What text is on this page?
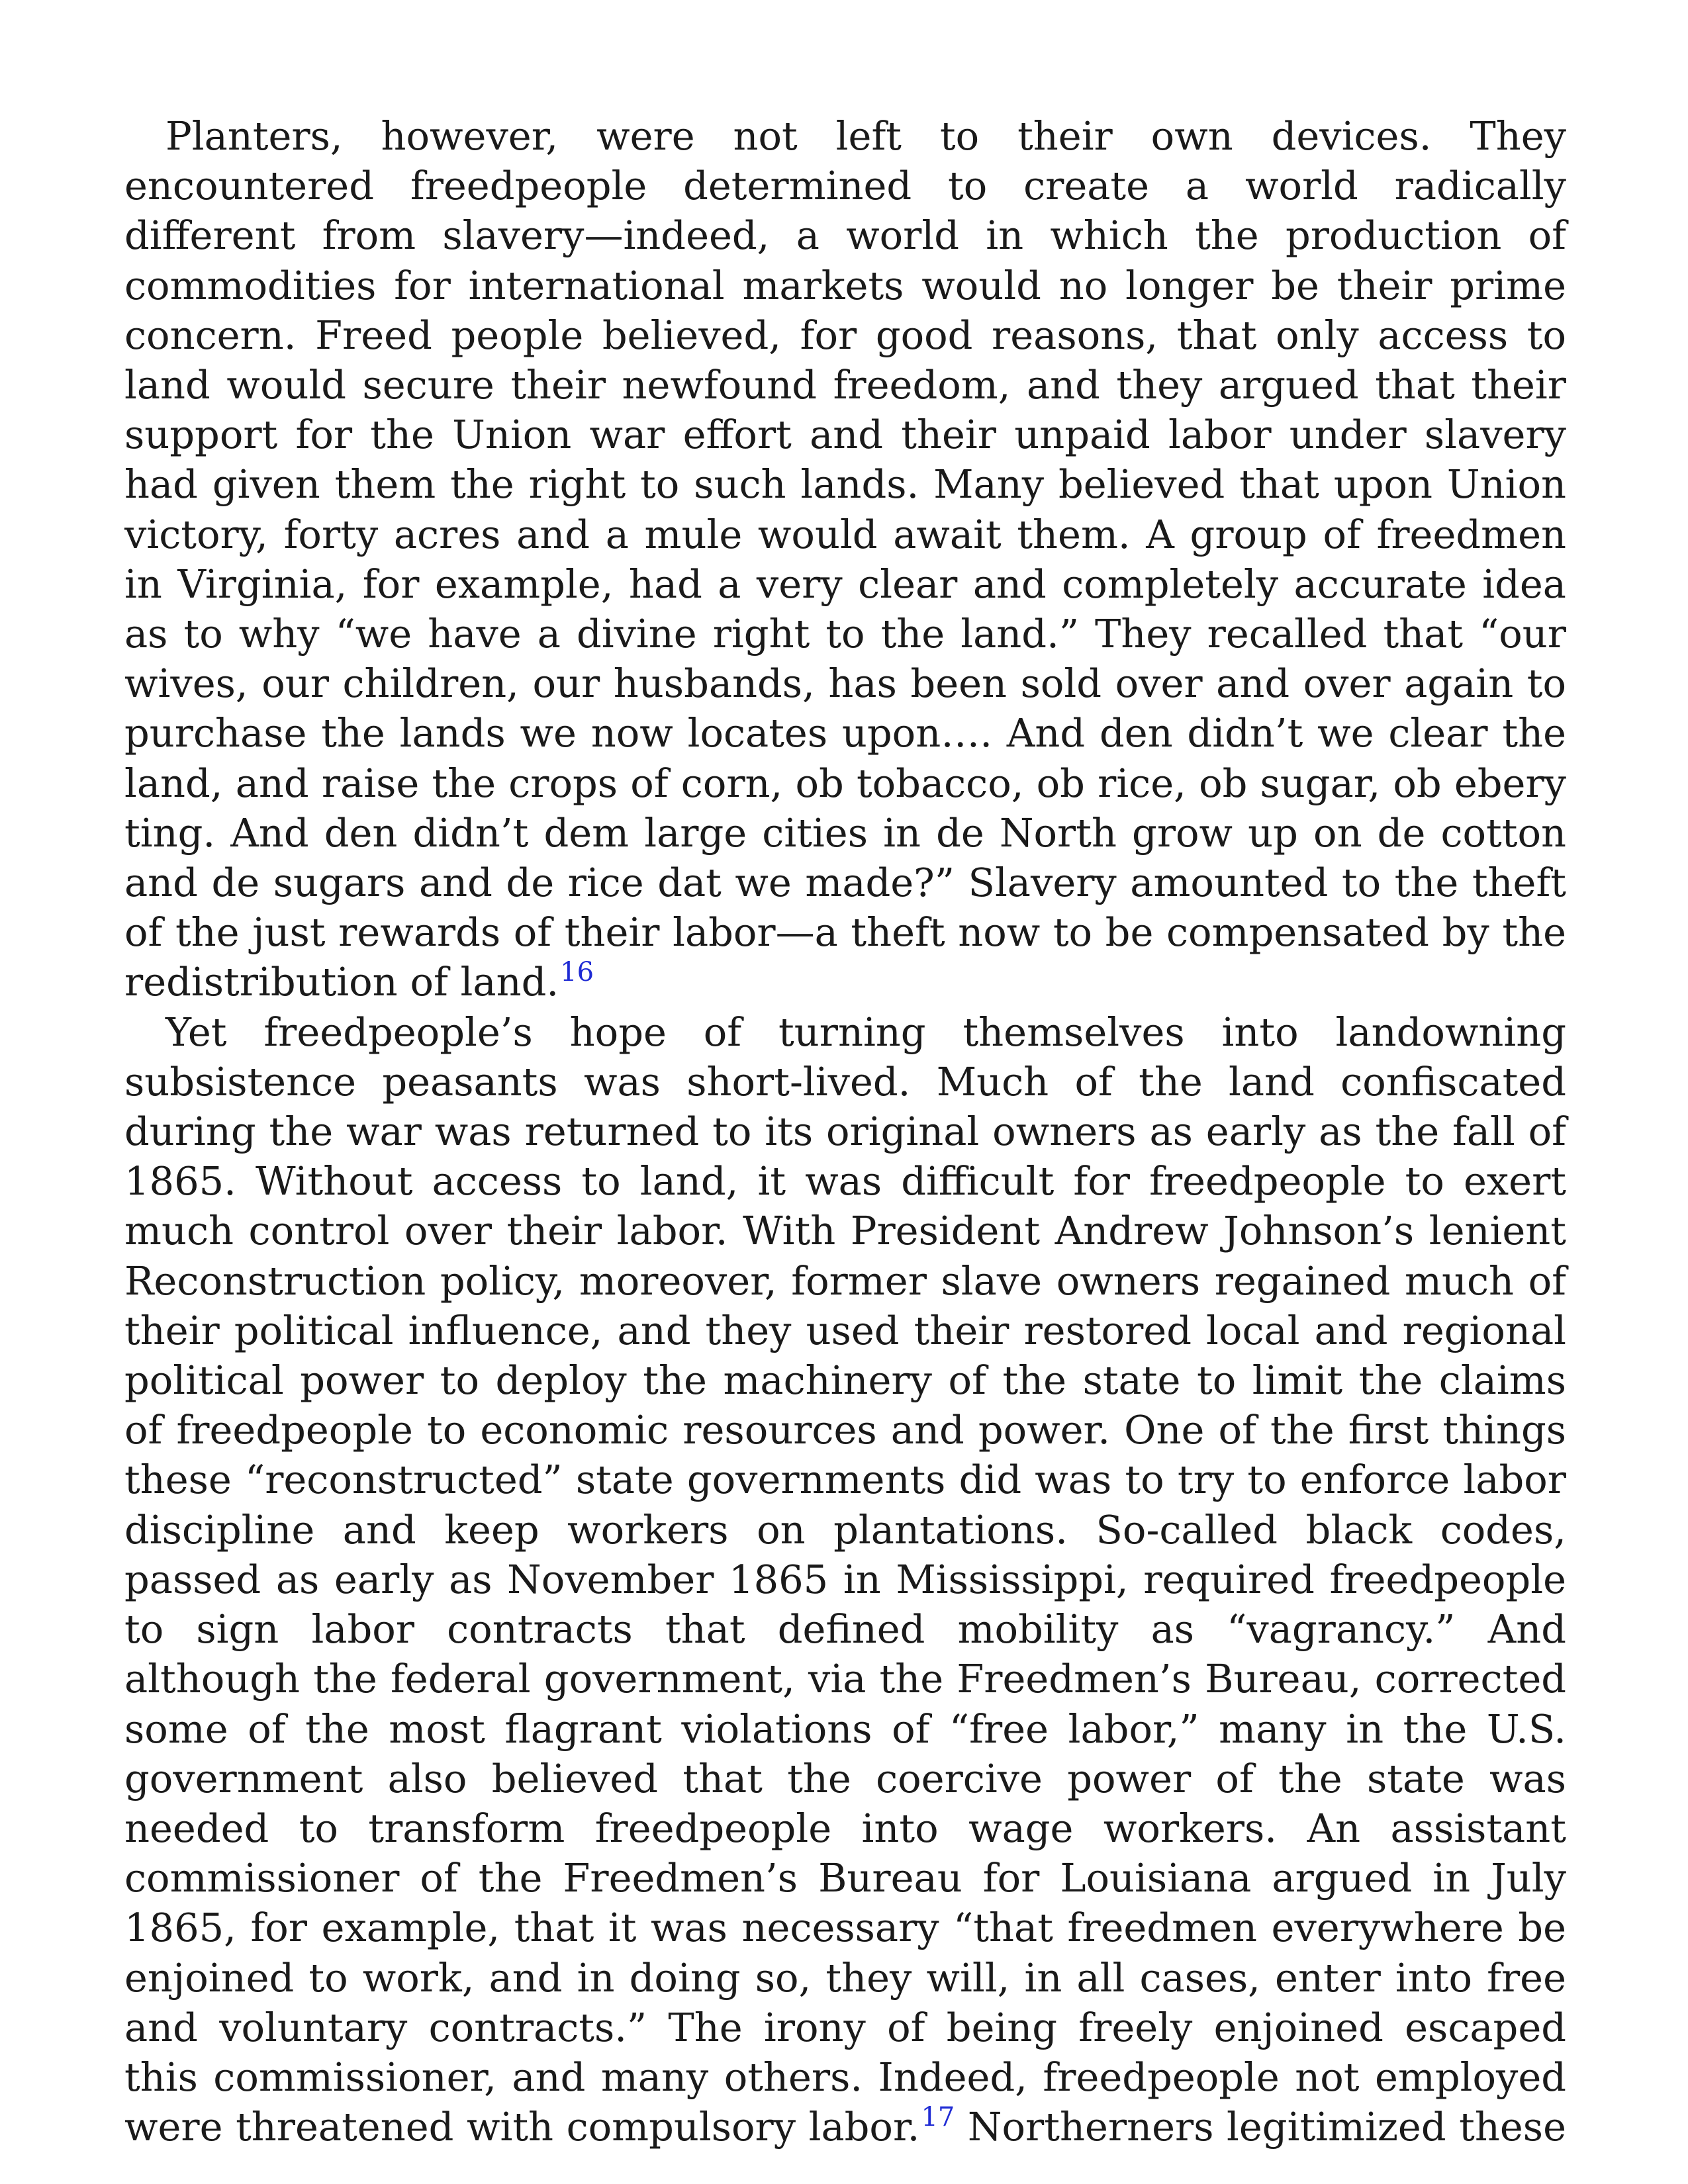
Planters, however, were not left to their own devices. They encountered freedpeople determined to create a world radically different from slavery—indeed, a world in which the production of commodities for international markets would no longer be their prime concern. Freed people believed, for good reasons, that only access to land would secure their newfound freedom, and they argued that their support for the Union war effort and their unpaid labor under slavery had given them the right to such lands. Many believed that upon Union victory, forty acres and a mule would await them. A group of freedmen in Virginia, for example, had a very clear and completely accurate idea as to why “we have a divine right to the land.” They recalled that “our wives, our children, our husbands, has been sold over and over again to purchase the lands we now locates upon…. And den didn’t we clear the land, and raise the crops of corn, ob tobacco, ob rice, ob sugar, ob ebery ting. And den didn’t dem large cities in de North grow up on de cotton and de sugars and de rice dat we made?” Slavery amounted to the theft of the just rewards of their labor—a theft now to be compensated by the redistribution of land.$^{16}$

Yet freedpeople’s hope of turning themselves into landowning subsistence peasants was short-lived. Much of the land confiscated during the war was returned to its original owners as early as the fall of 1865. Without access to land, it was difficult for freedpeople to exert much control over their labor. With President Andrew Johnson’s lenient Reconstruction policy, moreover, former slave owners regained much of their political influence, and they used their restored local and regional political power to deploy the machinery of the state to limit the claims of freedpeople to economic resources and power. One of the first things these “reconstructed” state governments did was to try to enforce labor discipline and keep workers on plantations. So-called black codes, passed as early as November 1865 in Mississippi, required freedpeople to sign labor contracts that defined mobility as “vagrancy.” And although the federal government, via the Freedmen’s Bureau, corrected some of the most flagrant violations of “free labor,” many in the U.S. government also believed that the coercive power of the state was needed to transform freedpeople into wage workers. An assistant commissioner of the Freedmen’s Bureau for Louisiana argued in July 1865, for example, that it was necessary “that freedmen everywhere be enjoined to work, and in doing so, they will, in all cases, enter into free and voluntary contracts.” The irony of being freely enjoined escaped this commissioner, and many others. Indeed, freedpeople not employed were threatened with compulsory labor.$^{17}$ Northerners legitimized these
